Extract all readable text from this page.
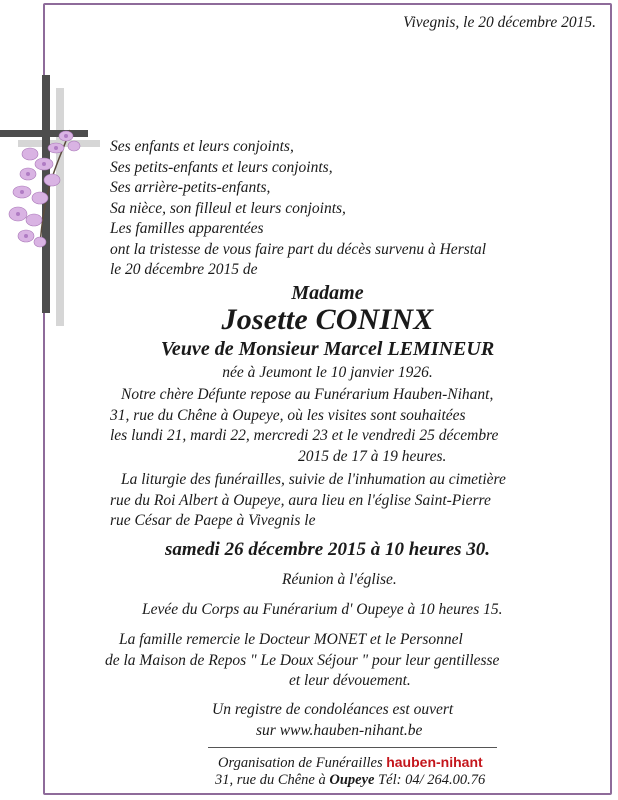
Vivegnis, le 20 décembre 2015.
Ses enfants et leurs conjoints,
Ses petits-enfants et leurs conjoints,
Ses arrière-petits-enfants,
Sa nièce, son filleul et leurs conjoints,
Les familles apparentées
ont la tristesse de vous faire part du décès survenu à Herstal
le 20 décembre 2015 de
Madame
Josette CONINX
Veuve de Monsieur Marcel LEMINEUR
née à Jeumont le 10 janvier 1926.
Notre chère Défunte repose au Funérarium Hauben-Nihant,
31, rue du Chêne à Oupeye, où les visites sont souhaitées
les lundi 21, mardi 22, mercredi 23 et le vendredi 25 décembre
2015 de 17 à 19 heures.
La liturgie des funérailles, suivie de l'inhumation au cimetière
rue du Roi Albert à Oupeye, aura lieu en l'église Saint-Pierre
rue César de Paepe à Vivegnis le
samedi 26 décembre 2015 à 10 heures 30.
Réunion à l'église.
Levée du Corps au Funérarium d' Oupeye à 10 heures 15.
La famille remercie le Docteur MONET et le Personnel
de la Maison de Repos " Le Doux Séjour " pour leur gentillesse
et leur dévouement.
Un registre de condoléances est ouvert
sur www.hauben-nihant.be
Organisation de Funérailles hauben-nihant
31, rue du Chêne à Oupeye Tél: 04/ 264.00.76
